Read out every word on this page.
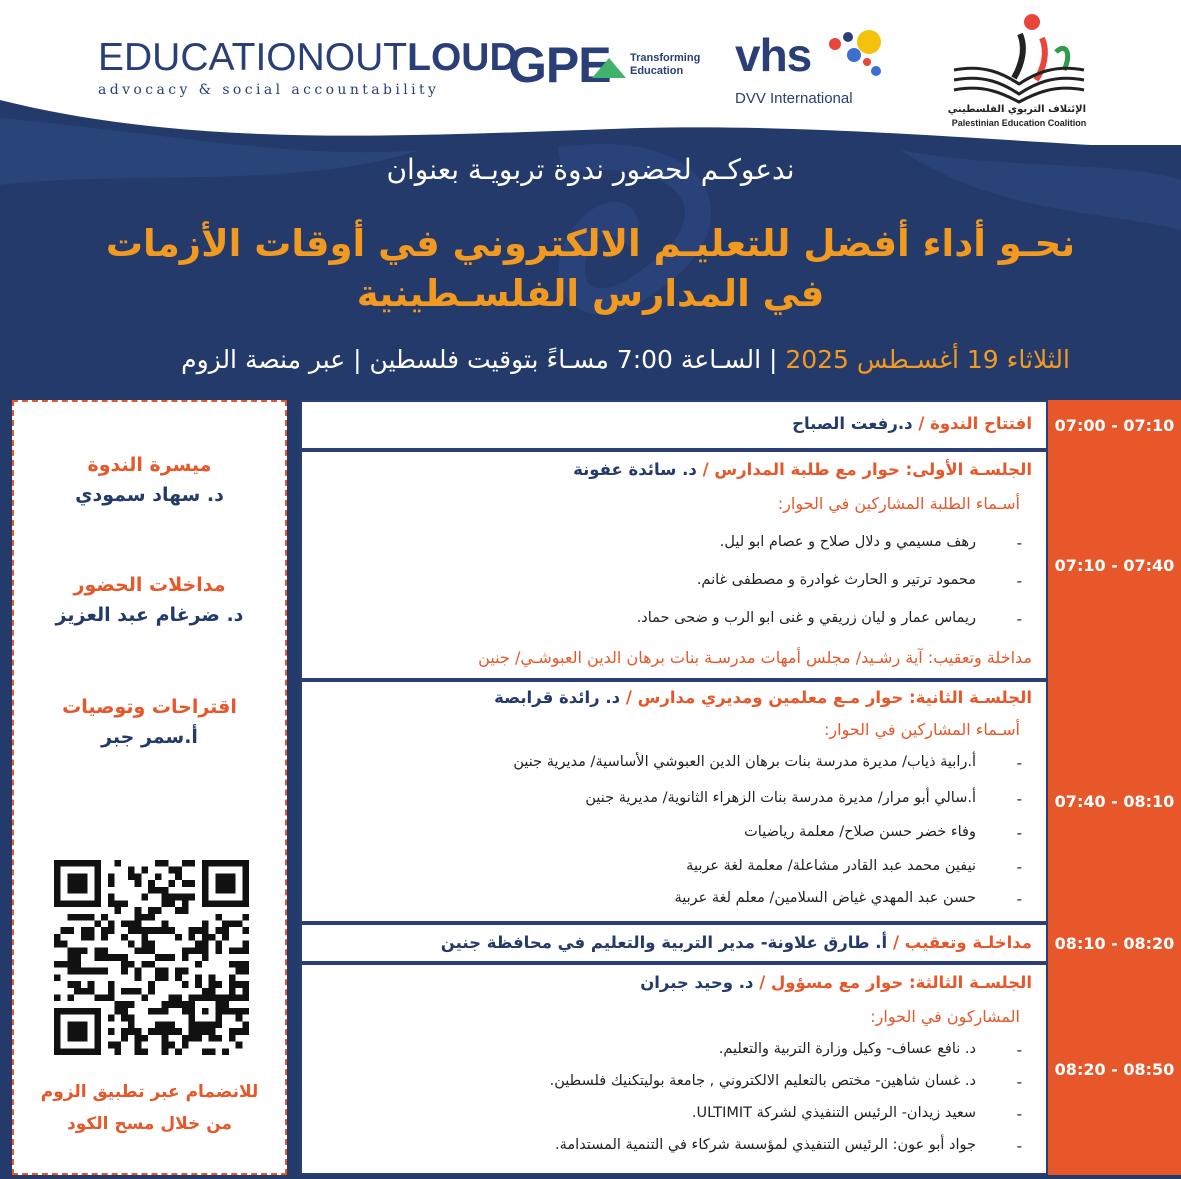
EDUCATIONOUTLOUD
advocacy & social accountability	GPE Transforming
Education	vhs
DVV International
الإئتلاف التربوي الفلسطيني
Palestinian Education Coalition
ندعوكـم لحضور ندوة تربويـة بعنوان
نحـو أداء أفضل للتعليـم الالكتروني في أوقات الأزمات
في المدارس الفلسـطينية
الثلاثاء 19 أغسـطس 2025 | السـاعة 7:00 مسـاءً بتوقيت فلسطين | عبر منصة الزوم
ميسرة الندوة
د. سهاد سمودي
مداخلات الحضور
د. ضرغام عبد العزيز
اقتراحات وتوصيات
أ.سمر جبر
للانضمام عبر تطبيق الزوم
من خلال مسح الكود
افتتاح الندوة / د.رفعت الصباح	07:00 - 07:10
الجلسـة الأولى: حوار مع طلبة المدارس / د. سائدة عفونة
أسـماء الطلبة المشاركين في الحوار:
-
رهف مسيمي و دلال صلاح و عصام ابو ليل.
-
محمود ترتير و الحارث غوادرة و مصطفى غانم.
-
ريماس عمار و ليان زريقي و غنى ابو الرب و ضحى حماد.
مداخلة وتعقيب: آية رشـيد/ مجلس أمهات مدرسـة بنات برهان الدين العبوشـي/ جنين
07:10 - 07:40
الجلسـة الثانية: حوار مـع معلمين ومديري مدارس / د. رائدة قرابصة
أسـماء المشاركين في الحوار:
-
أ.رابية ذياب/ مديرة مدرسة بنات برهان الدين العبوشي الأساسية/ مديرية جنين
-
أ.سالي أبو مرار/ مديرة مدرسة بنات الزهراء الثانوية/ مديرية جنين
-
وفاء خضر حسن صلاح/ معلمة رياضيات
-
نيفين محمد عبد القادر مشاعلة/ معلمة لغة عربية
-
حسن عبد المهدي غياض السلامين/ معلم لغة عربية
07:40 - 08:10
مداخلـة وتعقيب / أ. طارق علاونة- مدير التربية والتعليم في محافظة جنين	08:10 - 08:20
الجلسـة الثالثة: حوار مع مسؤول / د. وحيد جبران
المشاركون في الحوار:
-
د. نافع عساف- وكيل وزارة التربية والتعليم.
-
د. غسان شاهين- مختص بالتعليم الالكتروني , جامعة بوليتكنيك فلسطين.
-
سعيد زيدان- الرئيس التنفيذي لشركة ULTIMIT.
-
جواد أبو عون: الرئيس التنفيذي لمؤسسة شركاء في التنمية المستدامة.
08:20 - 08:50
